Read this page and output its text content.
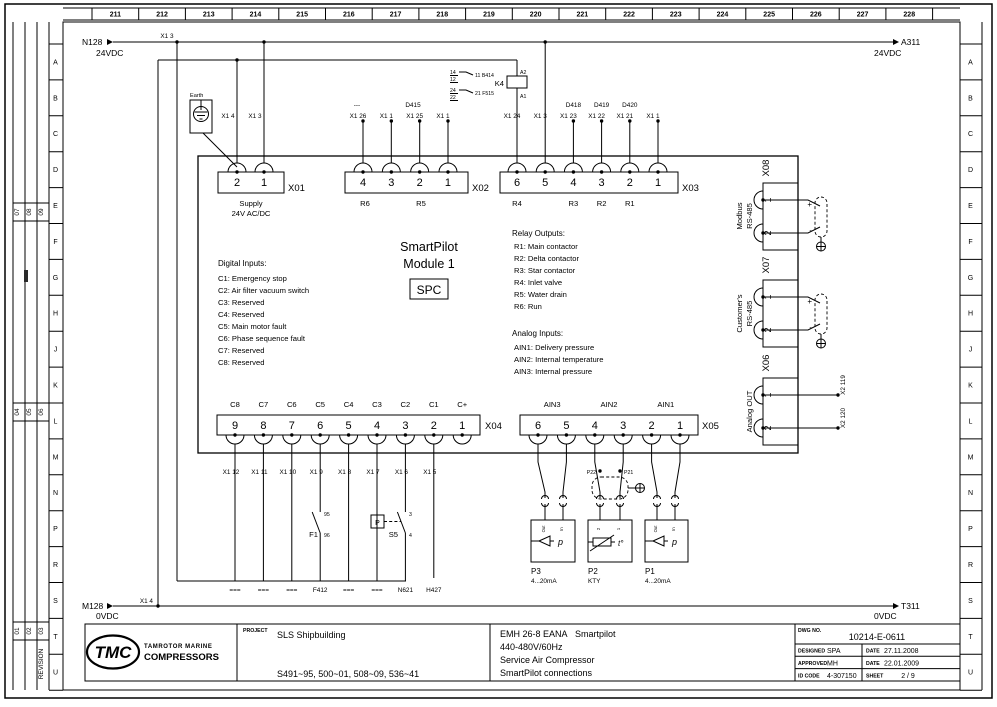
211	212	213	214	215	216	217	218	219	220	221	222	223	224	225	226	227	228
A
B
C
D
E
F
G
H
J
K
L
M
N
P
R
S
T
U
A
B
C
D
E
F
G
H
J
K
L
M
N
P
R
S
T
U
07 08 09
04 05 06
01 02 03
REVISION
N128
24VDC
A311
24VDC
M128
0VDC
T311
0VDC
X1 3
X1 4
Earth
A2
A1
K4
14
12
24
22
11 B414
21 F515
SmartPilot
Module 1
SPC
Digital Inputs:
C1: Emergency stop
C2: Air filter vacuum switch
C3: Reserved
C4: Reserved
C5: Main motor fault
C6: Phase sequence fault
C7: Reserved
C8: Reserved
Relay Outputs:
R1: Main contactor
R2: Delta contactor
R3: Star contactor
R4: Inlet valve
R5: Water drain
R6: Run
Analog Inputs:
AIN1: Delivery pressure
AIN2: Internal temperature
AIN3: Internal pressure
2 1 X01
Supply
24V AC/DC
X1 4 X1 3
4 3 2 1 X02
X1 26 X1 1 X1 25 X1 1
---	D415
R6	R5
6 5 4 3 2 1 X03
X1 24 X1 3 X1 23 X1 22 X1 21 X1 1
D418 D419 D420
R4	R3 R2 R1
9 8 7 6 5 4 3 2 1
C8 C7 C6 C5 C4 C3 C2 C1 C+
X04
X1 12 X1 11 X1 10 X1 9 X1 8 X1 7 X1 6 X1 5
===	===	=== F412 ===	=== N621 H427
95
96
F1
P
3
4
S5
6 5 4 3 2 1
AIN3	AIN2	AIN1
X05
P22	P21
p
Out	In
P3
4...20mA
t°
2	1
P2
KTY
p
Out	In
P1
4...20mA
1
2
X08
Modbus RS-485	+
-
1
2
X07
Customer's RS-485	+
-
1
2
X06
Analog OUT
X2 119
X2 120
TMC TAMROTOR MARINE
COMPRESSORS
PROJECT SLS Shipbuilding
S491~95, 500~01, 508~09, 536~41
EMH 26-8 EANA   Smartpilot
440-480V/60Hz
Service Air Compressor
SmartPilot connections
DWG NO.
10214-E-0611
DESIGNED SPA	DATE 27.11.2008
APPROVED MH	DATE 22.01.2009
ID CODE 4-307150 SHEET	2 / 9
